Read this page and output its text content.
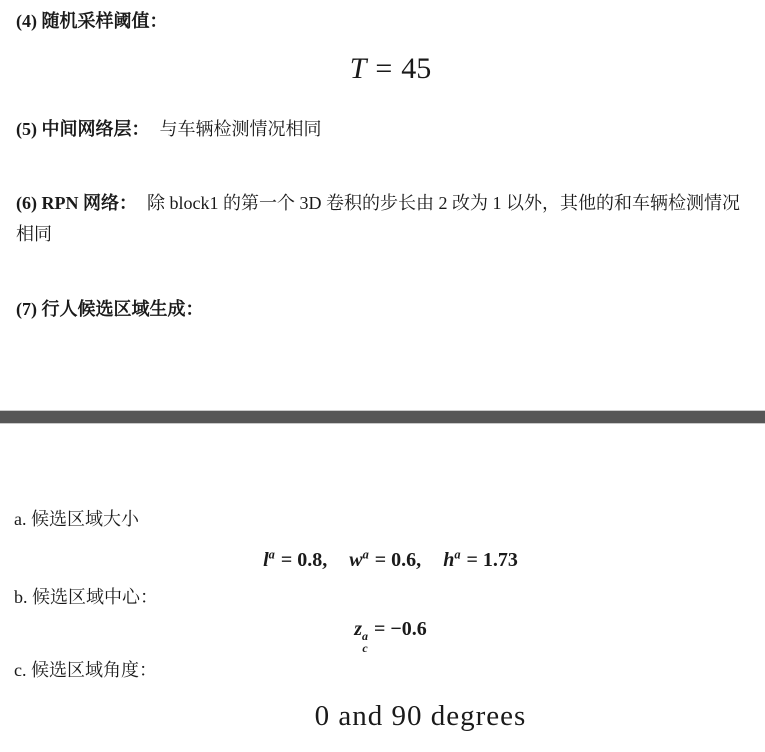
(4) 随机采样阈值：
T = 45
(5) 中间网络层： 与车辆检测情况相同
(6) RPN 网络： 除 block1 的第一个 3D 卷积的步长由 2 改为 1 以外，其他的和车辆检测情况相同
(7) 行人候选区域生成：
a. 候选区域大小
$l^a = 0.8$, $w^a = 0.6$, $h^a = 1.73$
b. 候选区域中心：
z a
c
= −0.6
c. 候选区域角度：
0 and 90 degrees
